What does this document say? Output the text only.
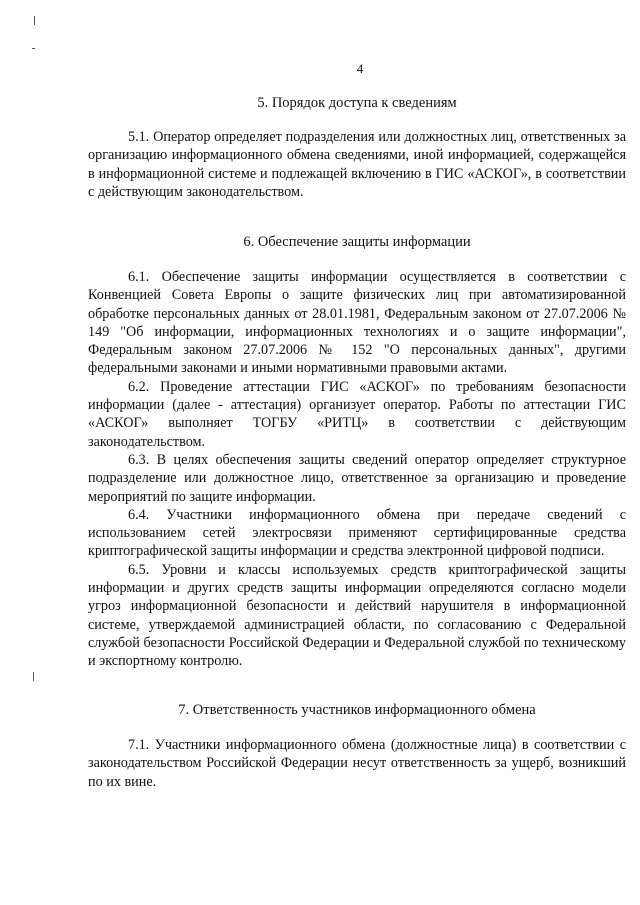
4
5. Порядок доступа к сведениям

5.1. Оператор определяет подразделения или должностных лиц, ответственных за организацию информационного обмена сведениями, иной информацией, содержащейся в информационной системе и подлежащей включению в ГИС «АСКОГ», в соответствии с действующим законодательством.

6. Обеспечение защиты информации

6.1. Обеспечение защиты информации осуществляется в соответствии с Конвенцией Совета Европы о защите физических лиц при автоматизированной обработке персональных данных от 28.01.1981, Федеральным законом от 27.07.2006 № 149 "Об информации, информационных технологиях и о защите информации", Федеральным законом 27.07.2006 № 152 "О персональных данных", другими федеральными законами и иными нормативными правовыми актами.

6.2. Проведение аттестации ГИС «АСКОГ» по требованиям безопасности информации (далее - аттестация) организует оператор. Работы по аттестации ГИС «АСКОГ» выполняет ТОГБУ «РИТЦ» в соответствии с действующим законодательством.

6.3. В целях обеспечения защиты сведений оператор определяет структурное подразделение или должностное лицо, ответственное за организацию и проведение мероприятий по защите информации.

6.4. Участники информационного обмена при передаче сведений с использованием сетей электросвязи применяют сертифицированные средства криптографической защиты информации и средства электронной цифровой подписи.

6.5. Уровни и классы используемых средств криптографической защиты информации и других средств защиты информации определяются согласно модели угроз информационной безопасности и действий нарушителя в информационной системе, утверждаемой администрацией области, по согласованию с Федеральной службой безопасности Российской Федерации и Федеральной службой по техническому и экспортному контролю.

7. Ответственность участников информационного обмена

7.1. Участники информационного обмена (должностные лица) в соответствии с законодательством Российской Федерации несут ответственность за ущерб, возникший по их вине.
